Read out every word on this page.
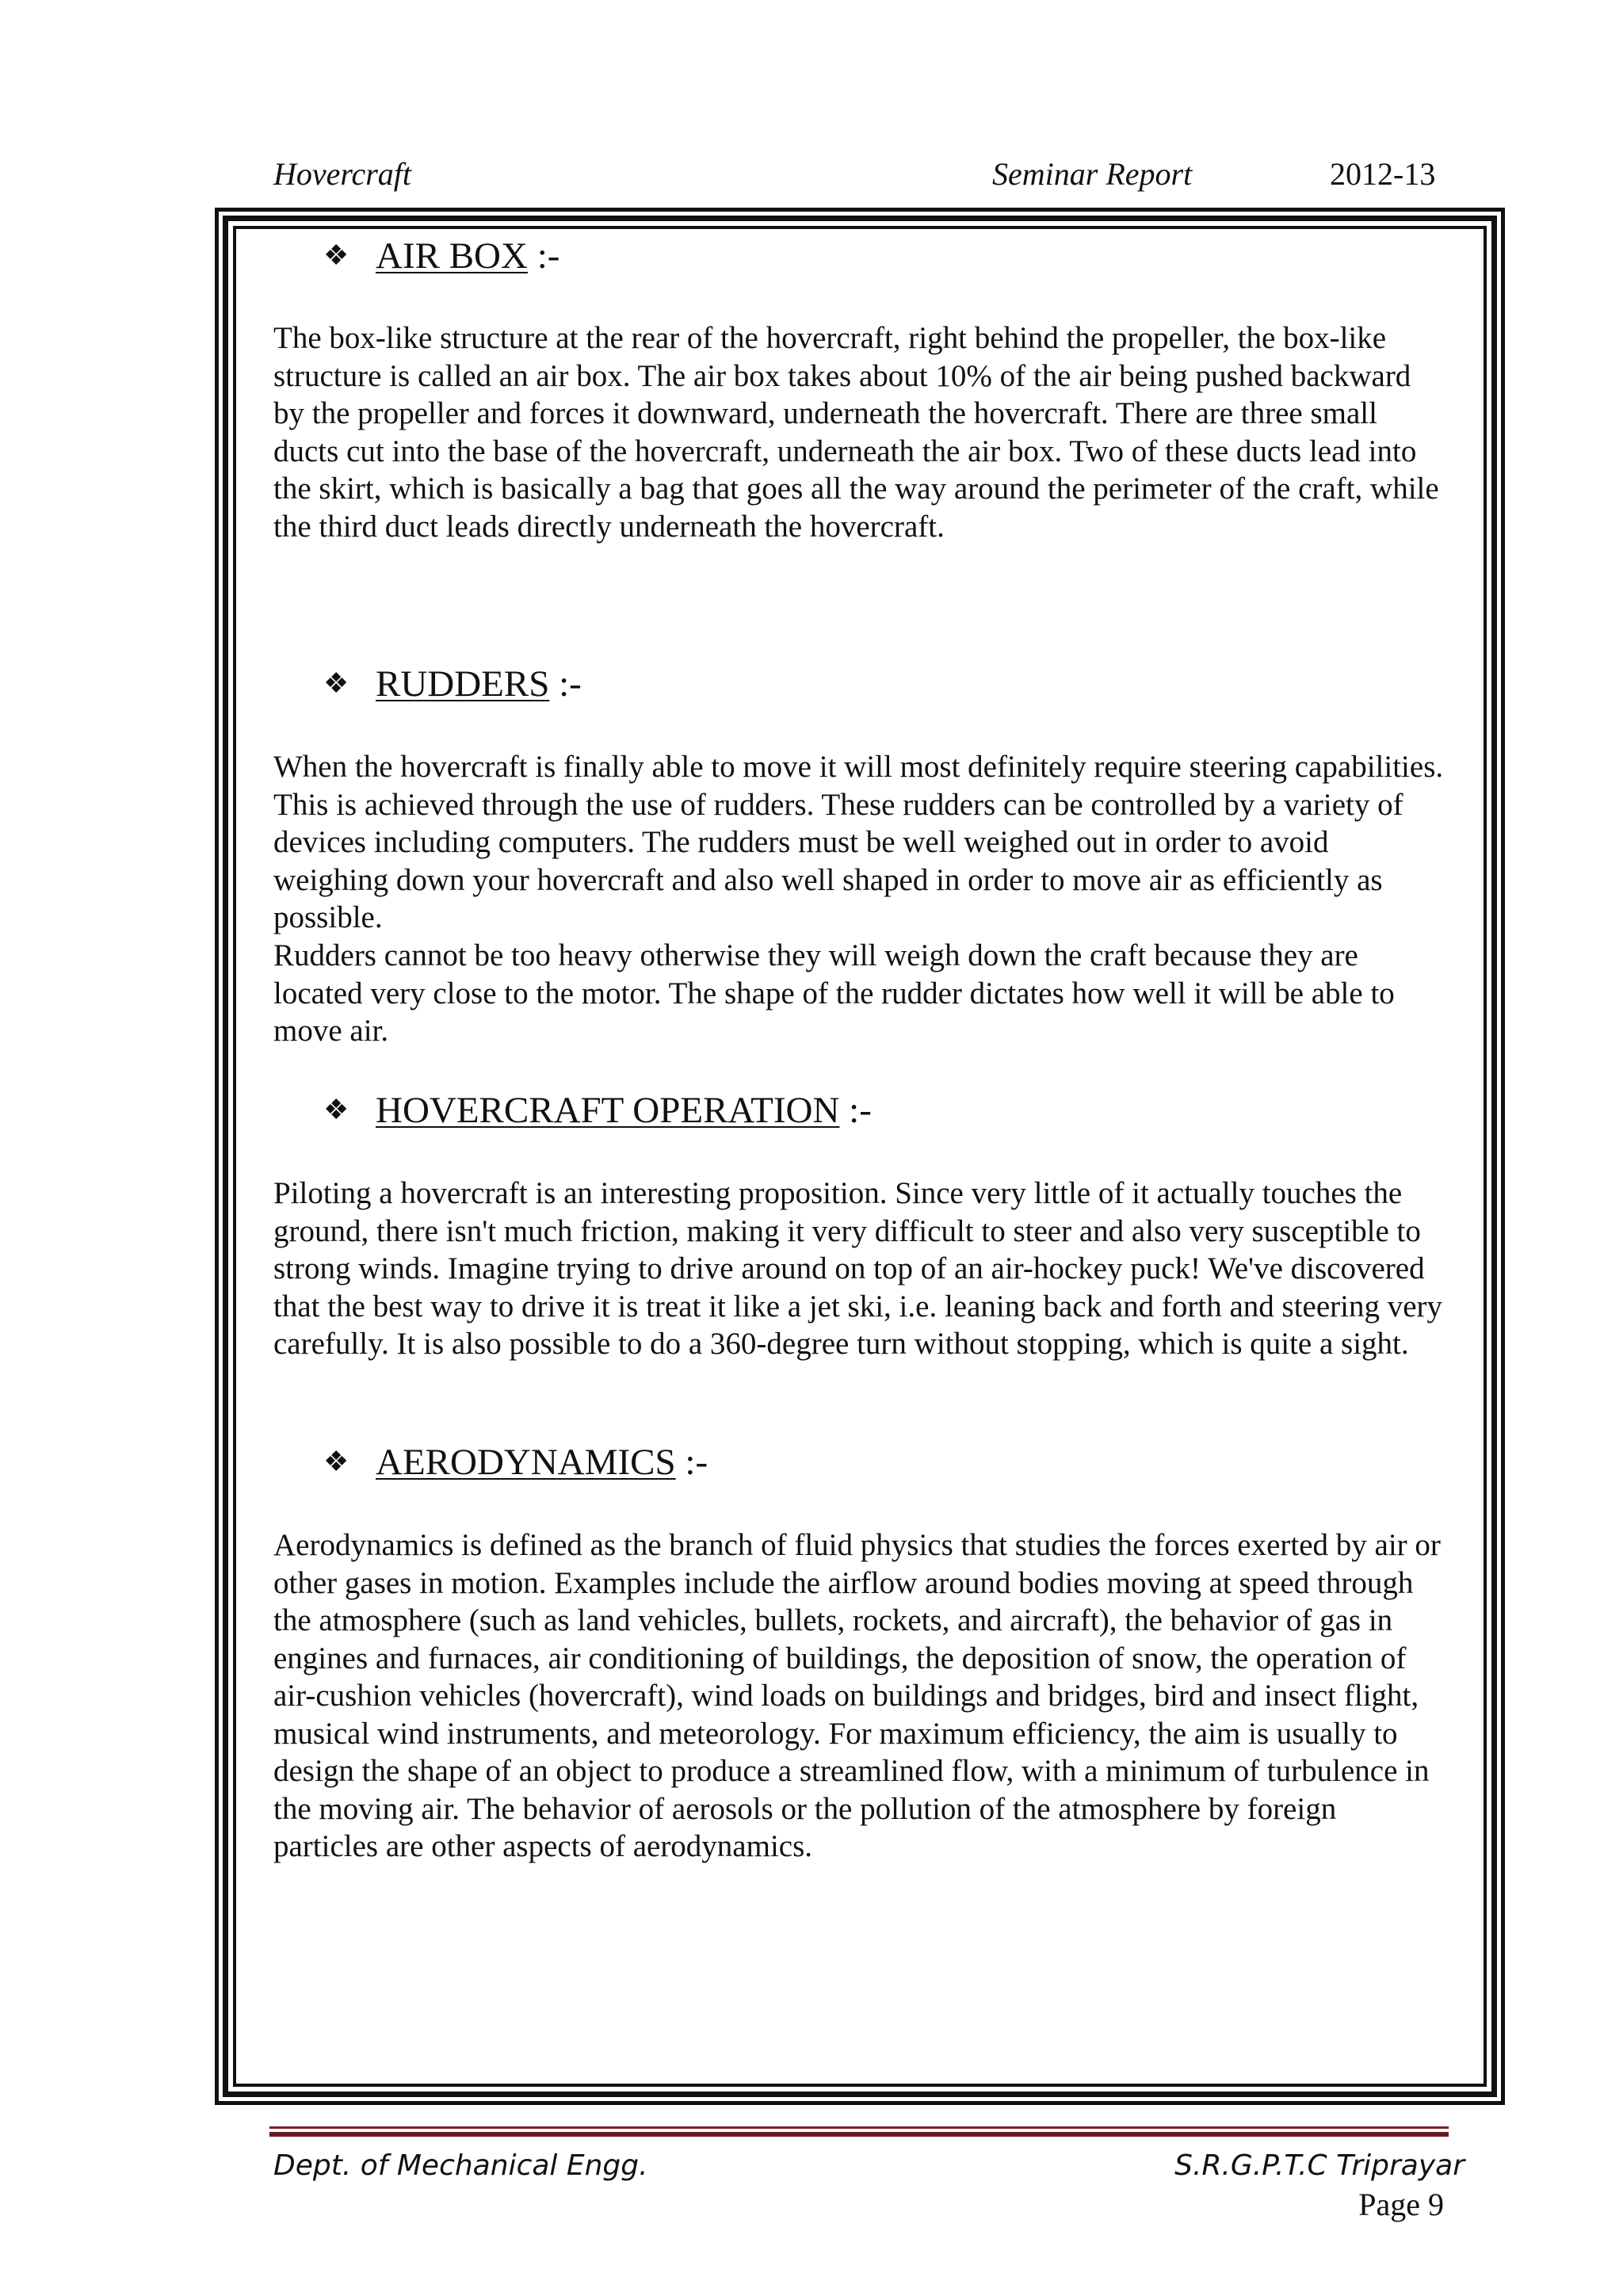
Hovercraft	Seminar Report	2012-13
❖ AIR BOX :-

The box-like structure at the rear of the hovercraft, right behind the propeller, the box-like structure is called an air box. The air box takes about 10% of the air being pushed backward by the propeller and forces it downward, underneath the hovercraft. There are three small ducts cut into the base of the hovercraft, underneath the air box. Two of these ducts lead into the skirt, which is basically a bag that goes all the way around the perimeter of the craft, while the third duct leads directly underneath the hovercraft.

❖ RUDDERS :-

When the hovercraft is finally able to move it will most definitely require steering capabilities. This is achieved through the use of rudders. These rudders can be controlled by a variety of devices including computers. The rudders must be well weighed out in order to avoid weighing down your hovercraft and also well shaped in order to move air as efficiently as possible.

Rudders cannot be too heavy otherwise they will weigh down the craft because they are located very close to the motor. The shape of the rudder dictates how well it will be able to move air.

❖ HOVERCRAFT OPERATION :-

Piloting a hovercraft is an interesting proposition. Since very little of it actually touches the ground, there isn't much friction, making it very difficult to steer and also very susceptible to strong winds. Imagine trying to drive around on top of an air-hockey puck! We've discovered that the best way to drive it is treat it like a jet ski, i.e. leaning back and forth and steering very carefully. It is also possible to do a 360-degree turn without stopping, which is quite a sight.

❖ AERODYNAMICS :-

Aerodynamics is defined as the branch of fluid physics that studies the forces exerted by air or other gases in motion. Examples include the airflow around bodies moving at speed through the atmosphere (such as land vehicles, bullets, rockets, and aircraft), the behavior of gas in engines and furnaces, air conditioning of buildings, the deposition of snow, the operation of air-cushion vehicles (hovercraft), wind loads on buildings and bridges, bird and insect flight, musical wind instruments, and meteorology. For maximum efficiency, the aim is usually to design the shape of an object to produce a streamlined flow, with a minimum of turbulence in the moving air. The behavior of aerosols or the pollution of the atmosphere by foreign particles are other aspects of aerodynamics.

Dept. of Mechanical Engg.	S.R.G.P.T.C Triprayar
Page 9
